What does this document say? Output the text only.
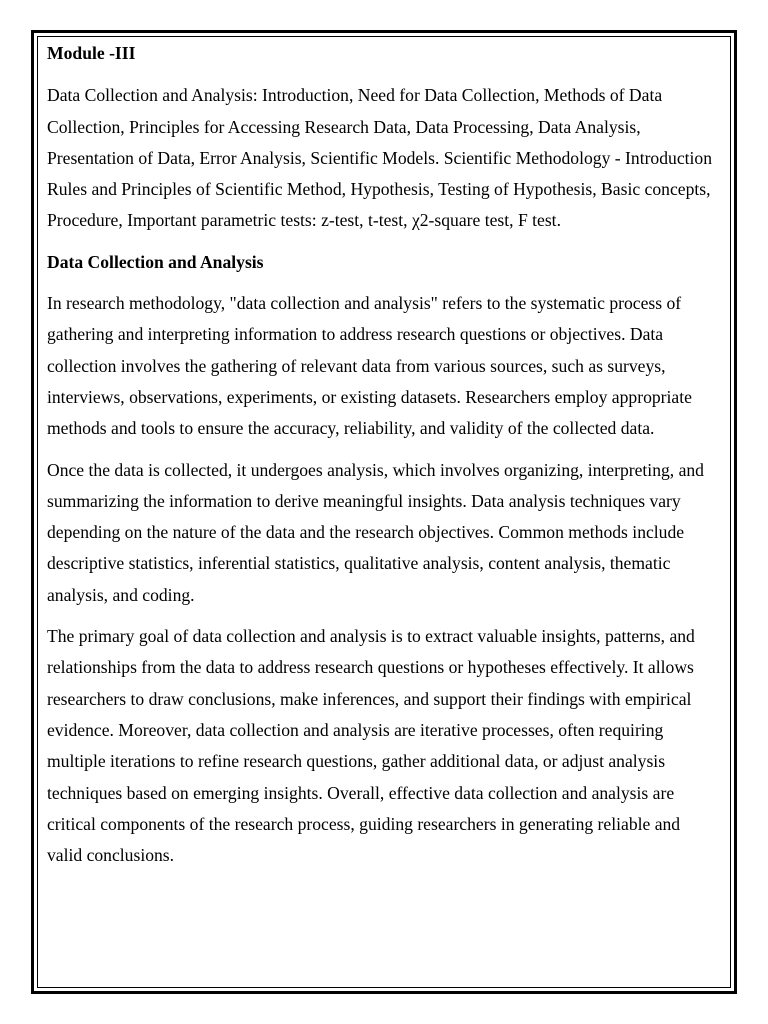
Module -III

Data Collection and Analysis: Introduction, Need for Data Collection, Methods of Data Collection, Principles for Accessing Research Data, Data Processing, Data Analysis, Presentation of Data, Error Analysis, Scientific Models. Scientific Methodology - Introduction Rules and Principles of Scientific Method, Hypothesis, Testing of Hypothesis, Basic concepts, Procedure, Important parametric tests: z-test, t-test, χ2-square test, F test.

Data Collection and Analysis

In research methodology, "data collection and analysis" refers to the systematic process of gathering and interpreting information to address research questions or objectives. Data collection involves the gathering of relevant data from various sources, such as surveys, interviews, observations, experiments, or existing datasets. Researchers employ appropriate methods and tools to ensure the accuracy, reliability, and validity of the collected data.

Once the data is collected, it undergoes analysis, which involves organizing, interpreting, and summarizing the information to derive meaningful insights. Data analysis techniques vary depending on the nature of the data and the research objectives. Common methods include descriptive statistics, inferential statistics, qualitative analysis, content analysis, thematic analysis, and coding.

The primary goal of data collection and analysis is to extract valuable insights, patterns, and relationships from the data to address research questions or hypotheses effectively. It allows researchers to draw conclusions, make inferences, and support their findings with empirical evidence. Moreover, data collection and analysis are iterative processes, often requiring multiple iterations to refine research questions, gather additional data, or adjust analysis techniques based on emerging insights. Overall, effective data collection and analysis are critical components of the research process, guiding researchers in generating reliable and valid conclusions.
